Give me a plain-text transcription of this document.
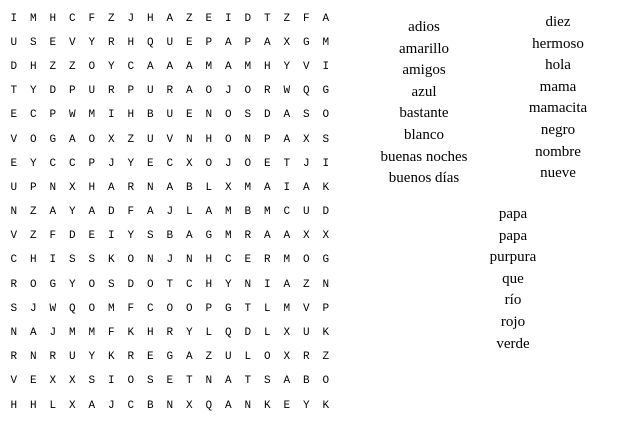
I	M	H	C	F	Z	J	H	A	Z	E	I	D	T	Z	F	A
U	S	E	V	Y	R	H	Q	U	E	P	A	P	A	X	G	M
D	H	Z	Z	O	Y	C	A	A	A	M	A	M	H	Y	V	I
T	Y	D	P	U	R	P	U	R	A	O	J	O	R	W	Q	G
E	C	P	W	M	I	H	B	U	E	N	O	S	D	A	S	O
V	O	G	A	O	X	Z	U	V	N	H	O	N	P	A	X	S
E	Y	C	C	P	J	Y	E	C	X	O	J	O	E	T	J	I
U	P	N	X	H	A	R	N	A	B	L	X	M	A	I	A	K
N	Z	A	Y	A	D	F	A	J	L	A	M	B	M	C	U	D
V	Z	F	D	E	I	Y	S	B	A	G	M	R	A	A	X	X
C	H	I	S	S	K	O	N	J	N	H	C	E	R	M	O	G
R	O	G	Y	O	S	D	O	T	C	H	Y	N	I	A	Z	N
S	J	W	Q	O	M	F	C	O	O	P	G	T	L	M	V	P
N	A	J	M	M	F	K	H	R	Y	L	Q	D	L	X	U	K
R	N	R	U	Y	K	R	E	G	A	Z	U	L	O	X	R	Z
V	E	X	X	S	I	O	S	E	T	N	A	T	S	A	B	O
H	H	L	X	A	J	C	B	N	X	Q	A	N	K	E	Y	K
adios
amarillo
amigos
azul
bastante
blanco
buenas noches
buenos días
diez
hermoso
hola
mama
mamacita
negro
nombre
nueve
papa
papa
purpura
que
río
rojo
verde
